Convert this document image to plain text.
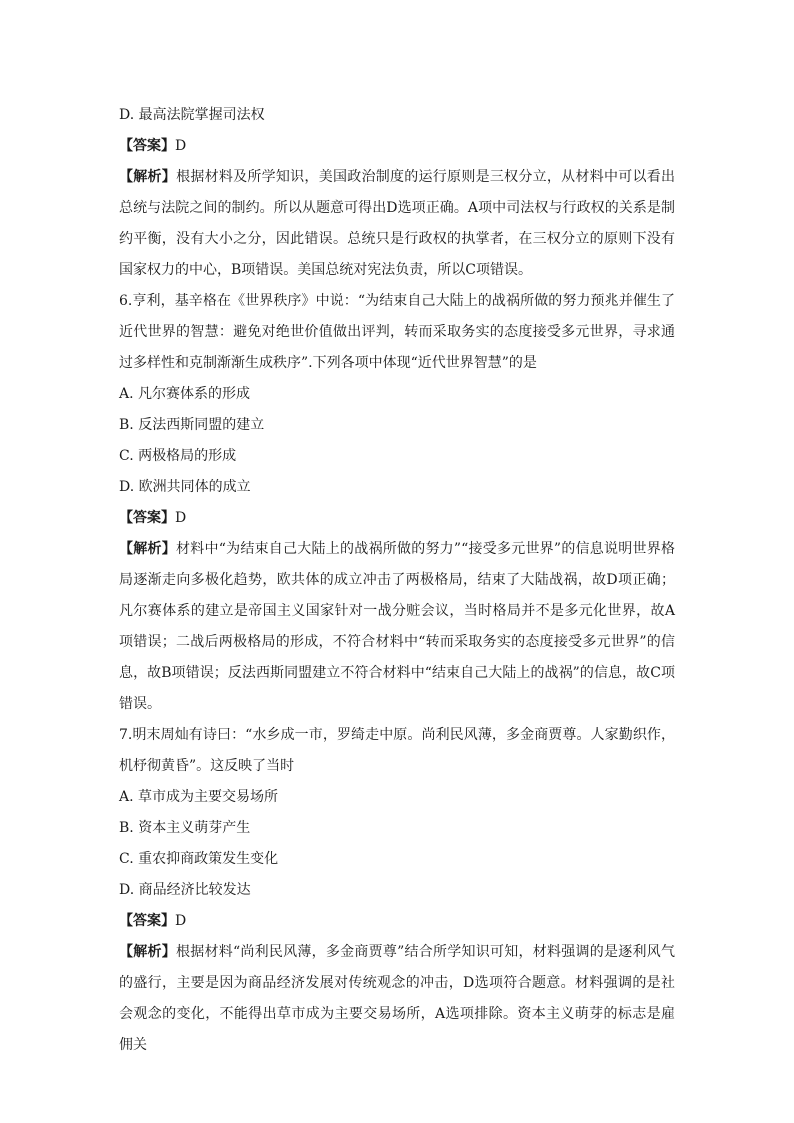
D. 最高法院掌握司法权
【答案】D
【解析】根据材料及所学知识，美国政治制度的运行原则是三权分立，从材料中可以看出总统与法院之间的制约。所以从题意可得出D选项正确。A项中司法权与行政权的关系是制约平衡，没有大小之分，因此错误。总统只是行政权的执掌者，在三权分立的原则下没有国家权力的中心，B项错误。美国总统对宪法负责，所以C项错误。
6.亨利，基辛格在《世界秩序》中说：“为结束自己大陆上的战祸所做的努力预兆并催生了近代世界的智慧：避免对绝世价值做出评判，转而采取务实的态度接受多元世界，寻求通过多样性和克制渐渐生成秩序”.下列各项中体现“近代世界智慧”的是
A. 凡尔赛体系的形成
B. 反法西斯同盟的建立
C. 两极格局的形成
D. 欧洲共同体的成立
【答案】D
【解析】材料中“为结束自己大陆上的战祸所做的努力”“接受多元世界”的信息说明世界格局逐渐走向多极化趋势，欧共体的成立冲击了两极格局，结束了大陆战祸，故D项正确；凡尔赛体系的建立是帝国主义国家针对一战分赃会议，当时格局并不是多元化世界，故A项错误；二战后两极格局的形成，不符合材料中“转而采取务实的态度接受多元世界”的信息，故B项错误；反法西斯同盟建立不符合材料中“结束自己大陆上的战祸”的信息，故C项错误。
7.明末周灿有诗曰：“水乡成一市，罗绮走中原。尚利民风薄，多金商贾尊。人家勤织作，机杼彻黄昏”。这反映了当时
A. 草市成为主要交易场所
B. 资本主义萌芽产生
C. 重农抑商政策发生变化
D. 商品经济比较发达
【答案】D
【解析】根据材料“尚利民风薄，多金商贾尊”结合所学知识可知，材料强调的是逐利风气的盛行，主要是因为商品经济发展对传统观念的冲击，D选项符合题意。材料强调的是社会观念的变化，不能得出草市成为主要交易场所，A选项排除。资本主义萌芽的标志是雇佣关
